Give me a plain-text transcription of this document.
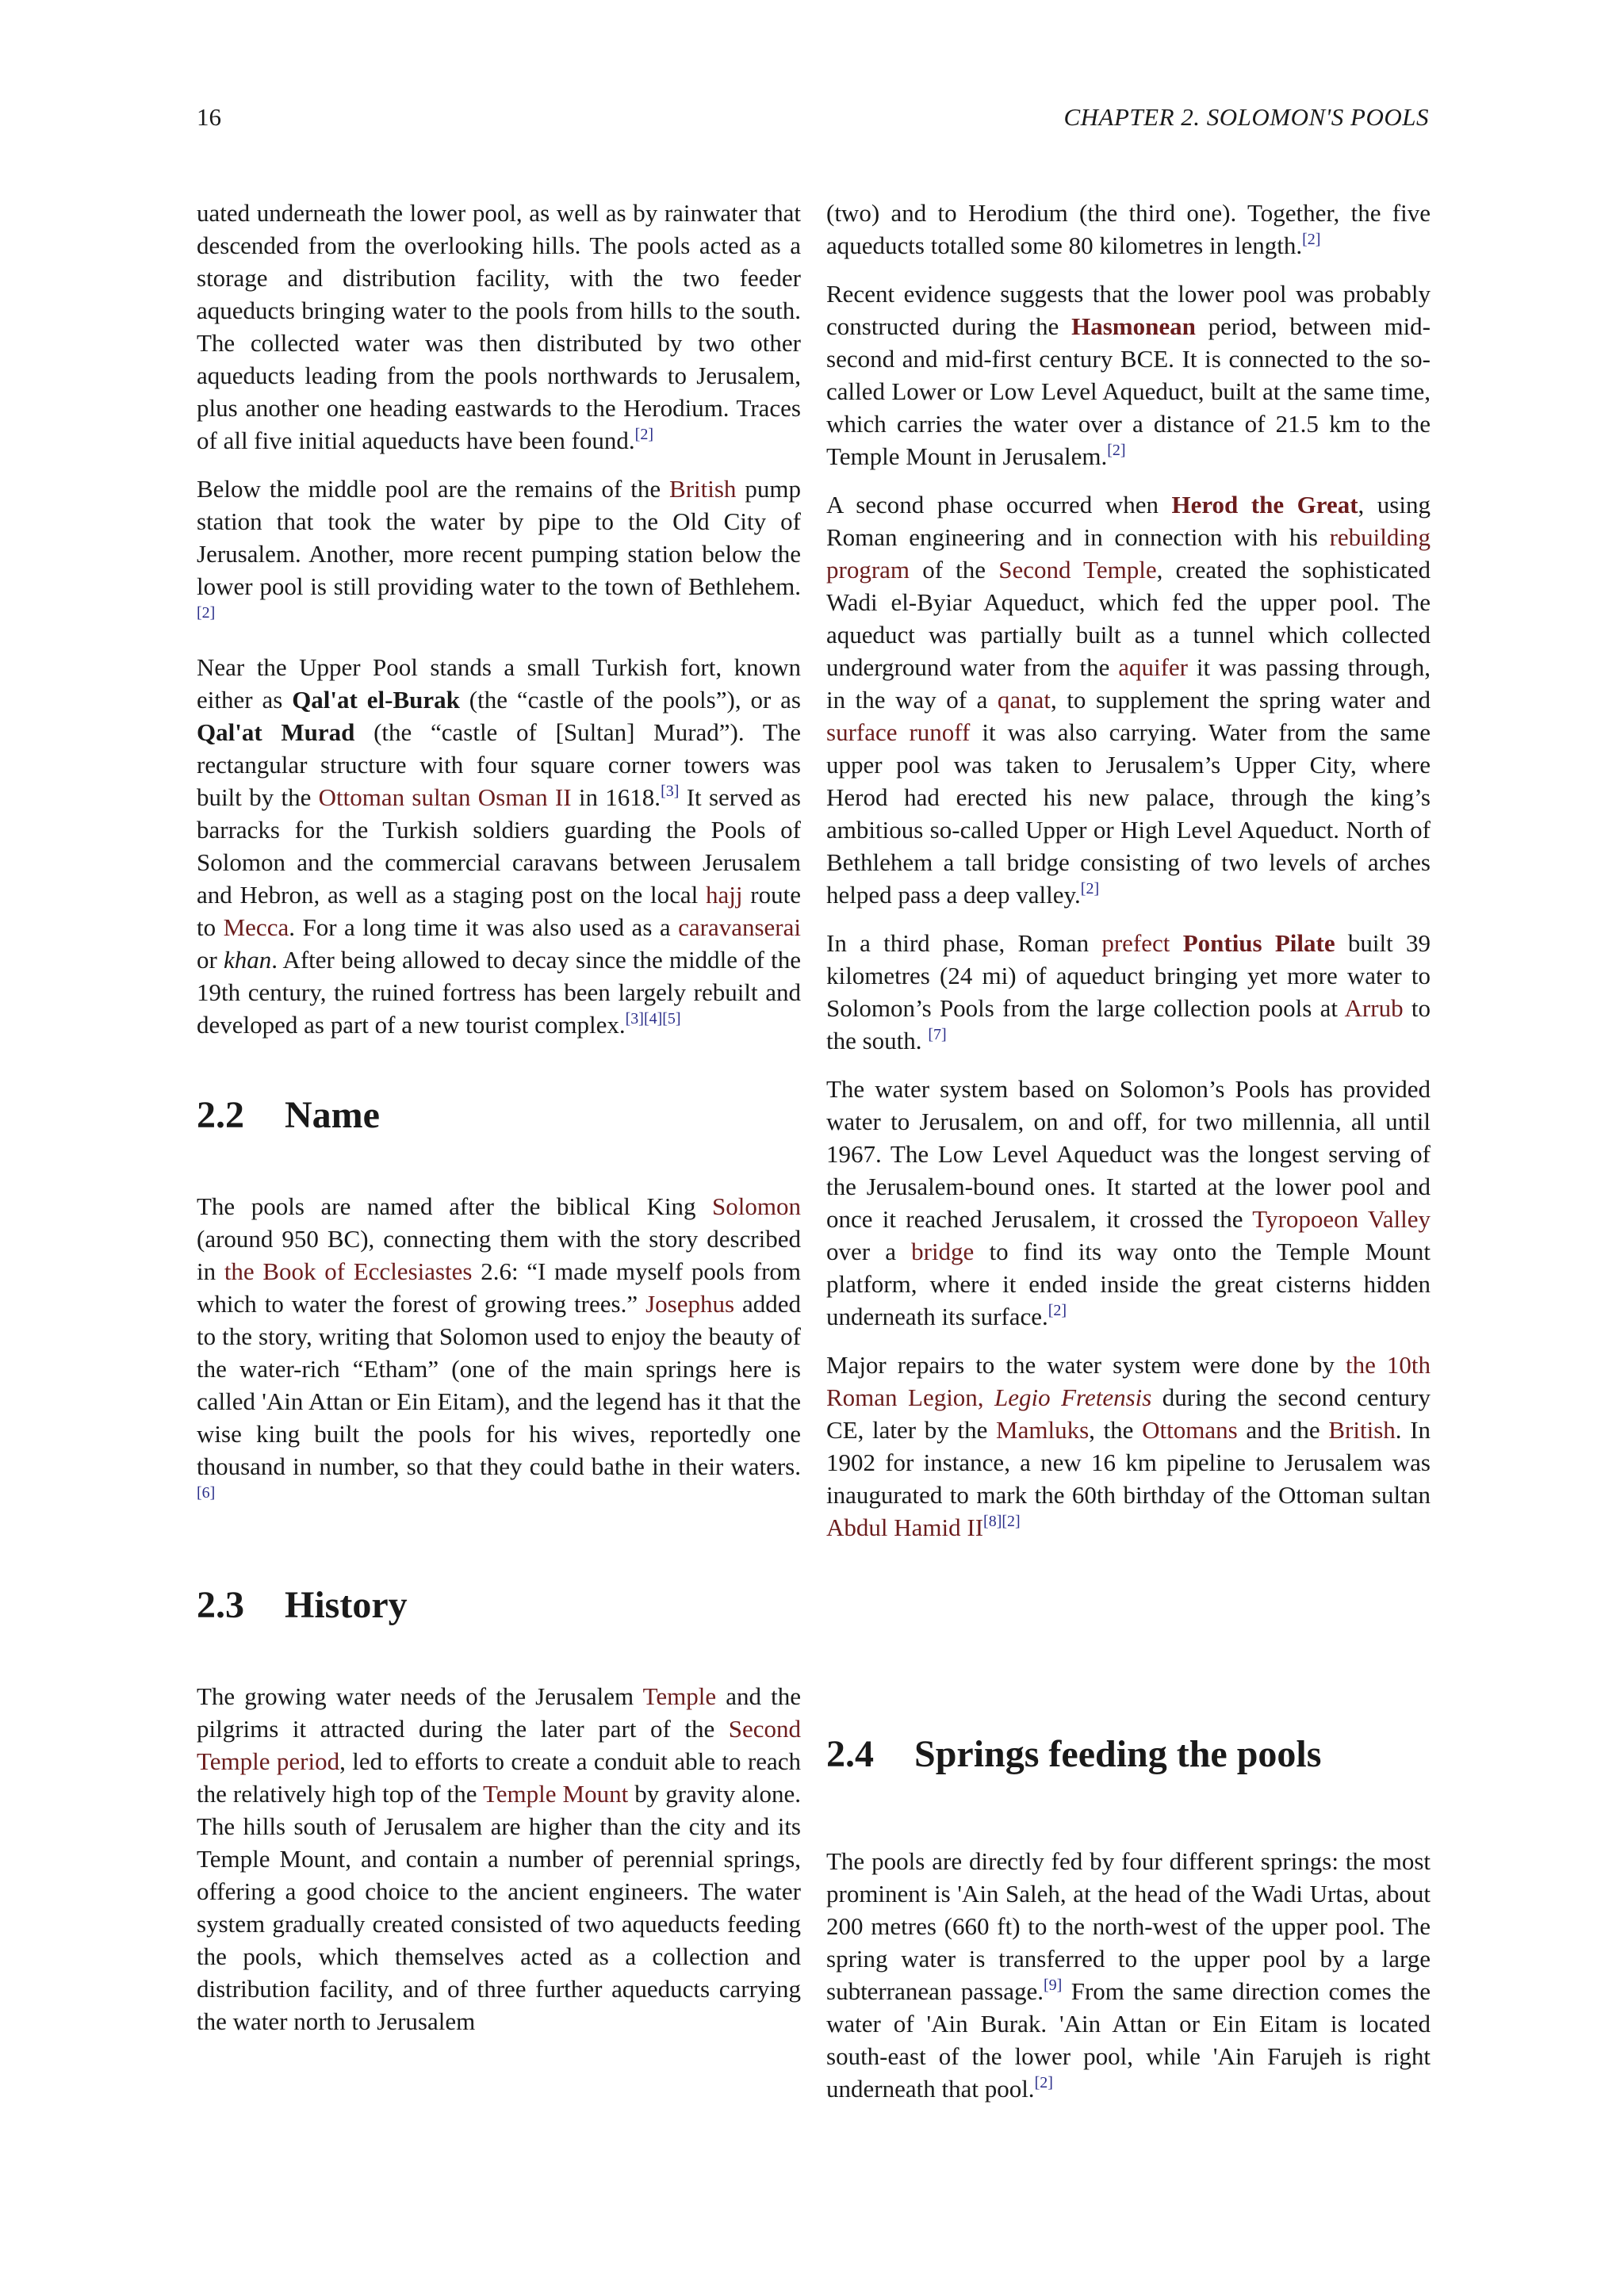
16	CHAPTER 2. SOLOMON'S POOLS

uated underneath the lower pool, as well as by rainwater that descended from the overlooking hills. The pools acted as a storage and distribution facility, with the two feeder aqueducts bringing water to the pools from hills to the south. The collected water was then distributed by two other aqueducts leading from the pools northwards to Jerusalem, plus another one heading eastwards to the Herodium. Traces of all five initial aqueducts have been found.[2]

Below the middle pool are the remains of the British pump station that took the water by pipe to the Old City of Jerusalem. Another, more recent pumping station below the lower pool is still providing water to the town of Bethlehem.[2]

Near the Upper Pool stands a small Turkish fort, known either as Qal'at el-Burak (the “castle of the pools”), or as Qal'at Murad (the “castle of [Sultan] Murad”). The rectangular structure with four square corner towers was built by the Ottoman sultan Osman II in 1618.[3] It served as barracks for the Turkish soldiers guarding the Pools of Solomon and the commercial caravans between Jerusalem and Hebron, as well as a staging post on the local hajj route to Mecca. For a long time it was also used as a caravanserai or khan. After being allowed to decay since the middle of the 19th century, the ruined fortress has been largely rebuilt and developed as part of a new tourist complex.[3][4][5]

2.2 Name

The pools are named after the biblical King Solomon (around 950 BC), connecting them with the story described in the Book of Ecclesiastes 2.6: “I made myself pools from which to water the forest of growing trees.” Josephus added to the story, writing that Solomon used to enjoy the beauty of the water-rich “Etham” (one of the main springs here is called 'Ain Attan or Ein Eitam), and the legend has it that the wise king built the pools for his wives, reportedly one thousand in number, so that they could bathe in their waters.[6]

2.3 History

The growing water needs of the Jerusalem Temple and the pilgrims it attracted during the later part of the Second Temple period, led to efforts to create a conduit able to reach the relatively high top of the Temple Mount by gravity alone. The hills south of Jerusalem are higher than the city and its Temple Mount, and contain a number of perennial springs, offering a good choice to the ancient engineers. The water system gradually created consisted of two aqueducts feeding the pools, which themselves acted as a collection and distribution facility, and of three further aqueducts carrying the water north to Jerusalem

(two) and to Herodium (the third one). Together, the five aqueducts totalled some 80 kilometres in length.[2]

Recent evidence suggests that the lower pool was probably constructed during the Hasmonean period, between mid-second and mid-first century BCE. It is connected to the so-called Lower or Low Level Aqueduct, built at the same time, which carries the water over a distance of 21.5 km to the Temple Mount in Jerusalem.[2]

A second phase occurred when Herod the Great, using Roman engineering and in connection with his rebuilding program of the Second Temple, created the sophisticated Wadi el-Byiar Aqueduct, which fed the upper pool. The aqueduct was partially built as a tunnel which collected underground water from the aquifer it was passing through, in the way of a qanat, to supplement the spring water and surface runoff it was also carrying. Water from the same upper pool was taken to Jerusalem’s Upper City, where Herod had erected his new palace, through the king’s ambitious so-called Upper or High Level Aqueduct. North of Bethlehem a tall bridge consisting of two levels of arches helped pass a deep valley.[2]

In a third phase, Roman prefect Pontius Pilate built 39 kilometres (24 mi) of aqueduct bringing yet more water to Solomon’s Pools from the large collection pools at Arrub to the south. [7]

The water system based on Solomon’s Pools has provided water to Jerusalem, on and off, for two millennia, all until 1967. The Low Level Aqueduct was the longest serving of the Jerusalem-bound ones. It started at the lower pool and once it reached Jerusalem, it crossed the Tyropoeon Valley over a bridge to find its way onto the Temple Mount platform, where it ended inside the great cisterns hidden underneath its surface.[2]

Major repairs to the water system were done by the 10th Roman Legion, Legio Fretensis during the second century CE, later by the Mamluks, the Ottomans and the British. In 1902 for instance, a new 16 km pipeline to Jerusalem was inaugurated to mark the 60th birthday of the Ottoman sultan Abdul Hamid II[8][2]

2.4 Springs feeding the pools

The pools are directly fed by four different springs: the most prominent is 'Ain Saleh, at the head of the Wadi Urtas, about 200 metres (660 ft) to the north-west of the upper pool. The spring water is transferred to the upper pool by a large subterranean passage.[9] From the same direction comes the water of 'Ain Burak. 'Ain Attan or Ein Eitam is located south-east of the lower pool, while 'Ain Farujeh is right underneath that pool.[2]
